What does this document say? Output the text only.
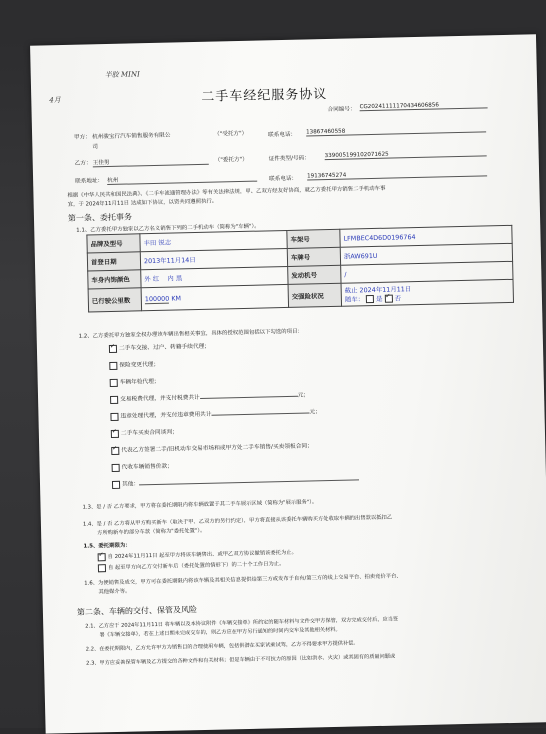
半胶 MINI
4月	二手车经纪服务协议
合同编号： CG20241111170434606856
甲方： 杭州骏宝行汽车销售服务有限公
司
（"受托方"）	联系电话： 13867460558
乙方： 王佳男	（"委托方"）	证件类型/号码：	339005199102071625
联系地址： 杭州	联系电话： 19136745274
根据《中华人民共和国民法典》、《二手车流通管理办法》等有关法律法规，甲、乙双方经友好协商，就乙方委托甲方销售二手机动车事
宜，于 2024年11月11日 达成如下协议，以资共同遵照执行。
第一条、委托事务
1.1、乙方委托甲方独家以乙方名义销售下列的二手机动车（简称为"车辆"）。
品牌及型号	丰田 锐志	车架号	LFMBEC4D6D0196764
首登日期	2013年11月14日	车牌号	浙AW691U
车身内饰颜色	外 红 内 黑	发动机号	/
已行驶公里数	100000 KM	交强险状况	截止 2024年11月11日
随车： 是 ✓ 否
1.2、乙方委托甲方独家全权办理该车辆出售相关事宜，具体的授权范围包括以下勾选的项目：
✓二手车交接、过户、转籍手续代理；
保险变更代理；
车辆年检代理；
交易税费代理，并支付税费共计	元；
违章处理代理，并支付违章费用共计	元；
✓二手车买卖合同谈判；
✓代表乙方签署二手/旧机动车交易市场和或甲方处二手车销售/买卖领板合同；
代收车辆销售价款；
其他：
1.3、是 / 否 乙方要求，甲方将在委托期限内将车辆放置于其二手车展示区域（简称为"展示服务"）。
1.4、是 / 否 乙方将从甲方购买新车（取决于甲、乙双方的另行约定），甲方将直接从该委托车辆购买方处收取车辆的出售款以抵扣乙
方所购新车的部分车款（简称为"委托处置"）。
1.5、委托期限为：
✓自 2024年11月11日 起至甲方将该车辆售出、或甲乙双方协议撤销该委托为止。
自 起至甲方向乙方交付新车后（委托处置的情形下）的二十个工作日为止。
1.6、为便销售及成交，甲方可在委托期限内将该车辆及其相关信息提供给第三方或发布于自有/第三方的线上交易平台、拍卖竞价平台、
其他媒介等。
第二条、车辆的交付、保管及风险
2.1、乙方应于 2024年11月11日 将车辆以及本协议附件《车辆交接单》所约定的随车材料与文件交甲方保管，双方完成交付后，应当签
署《车辆交接单》，若在上述日期未完成交车的，则乙方应在甲方另行通知的时间内交车及其他相关材料。
2.2、在委托期限内，乙方允许甲方为销售目的合理使用车辆，包括供潜在买家试乘试驾，乙方不得要求甲方提供补偿。
2.3、甲方应妥善保管车辆及乙方提交的各种文件和有关材料；但是车辆由于不可抗力的原因（比如洪水、火灾）或其固有的质量问题或
